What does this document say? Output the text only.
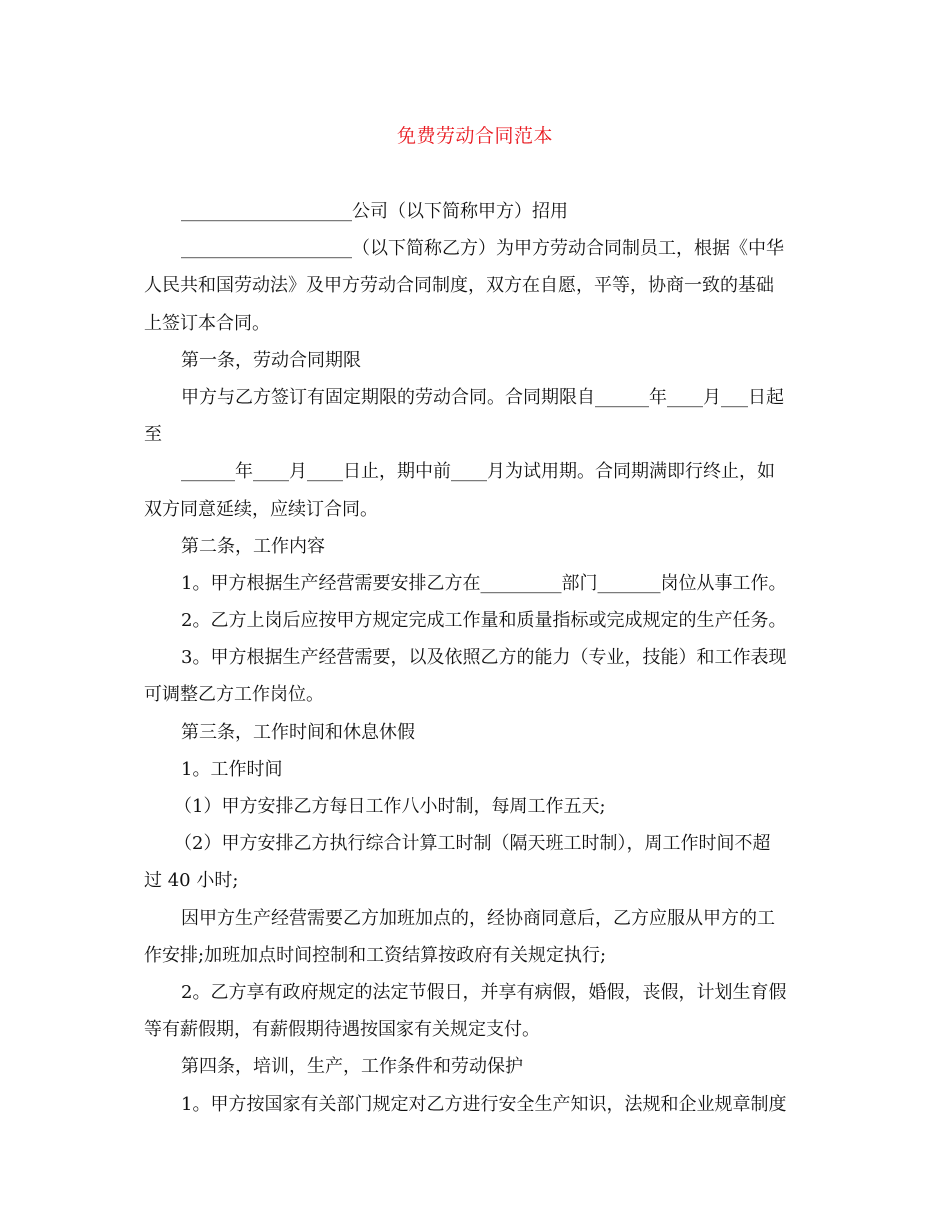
免费劳动合同范本
___________________公司（以下简称甲方）招用
___________________（以下简称乙方）为甲方劳动合同制员工，根据《中华
人民共和国劳动法》及甲方劳动合同制度，双方在自愿，平等，协商一致的基础
上签订本合同。
第一条，劳动合同期限
甲方与乙方签订有固定期限的劳动合同。合同期限自______年____月___日起
至
______年____月____日止，期中前____月为试用期。合同期满即行终止，如
双方同意延续，应续订合同。
第二条，工作内容
1。甲方根据生产经营需要安排乙方在_________部门_______岗位从事工作。
2。乙方上岗后应按甲方规定完成工作量和质量指标或完成规定的生产任务。
3。甲方根据生产经营需要，以及依照乙方的能力（专业，技能）和工作表现
可调整乙方工作岗位。
第三条，工作时间和休息休假
1。工作时间
（1）甲方安排乙方每日工作八小时制，每周工作五天;
（2）甲方安排乙方执行综合计算工时制（隔天班工时制），周工作时间不超
过 40 小时;
因甲方生产经营需要乙方加班加点的，经协商同意后，乙方应服从甲方的工
作安排;加班加点时间控制和工资结算按政府有关规定执行;
2。乙方享有政府规定的法定节假日，并享有病假，婚假，丧假，计划生育假
等有薪假期，有薪假期待遇按国家有关规定支付。
第四条，培训，生产，工作条件和劳动保护
1。甲方按国家有关部门规定对乙方进行安全生产知识，法规和企业规章制度
